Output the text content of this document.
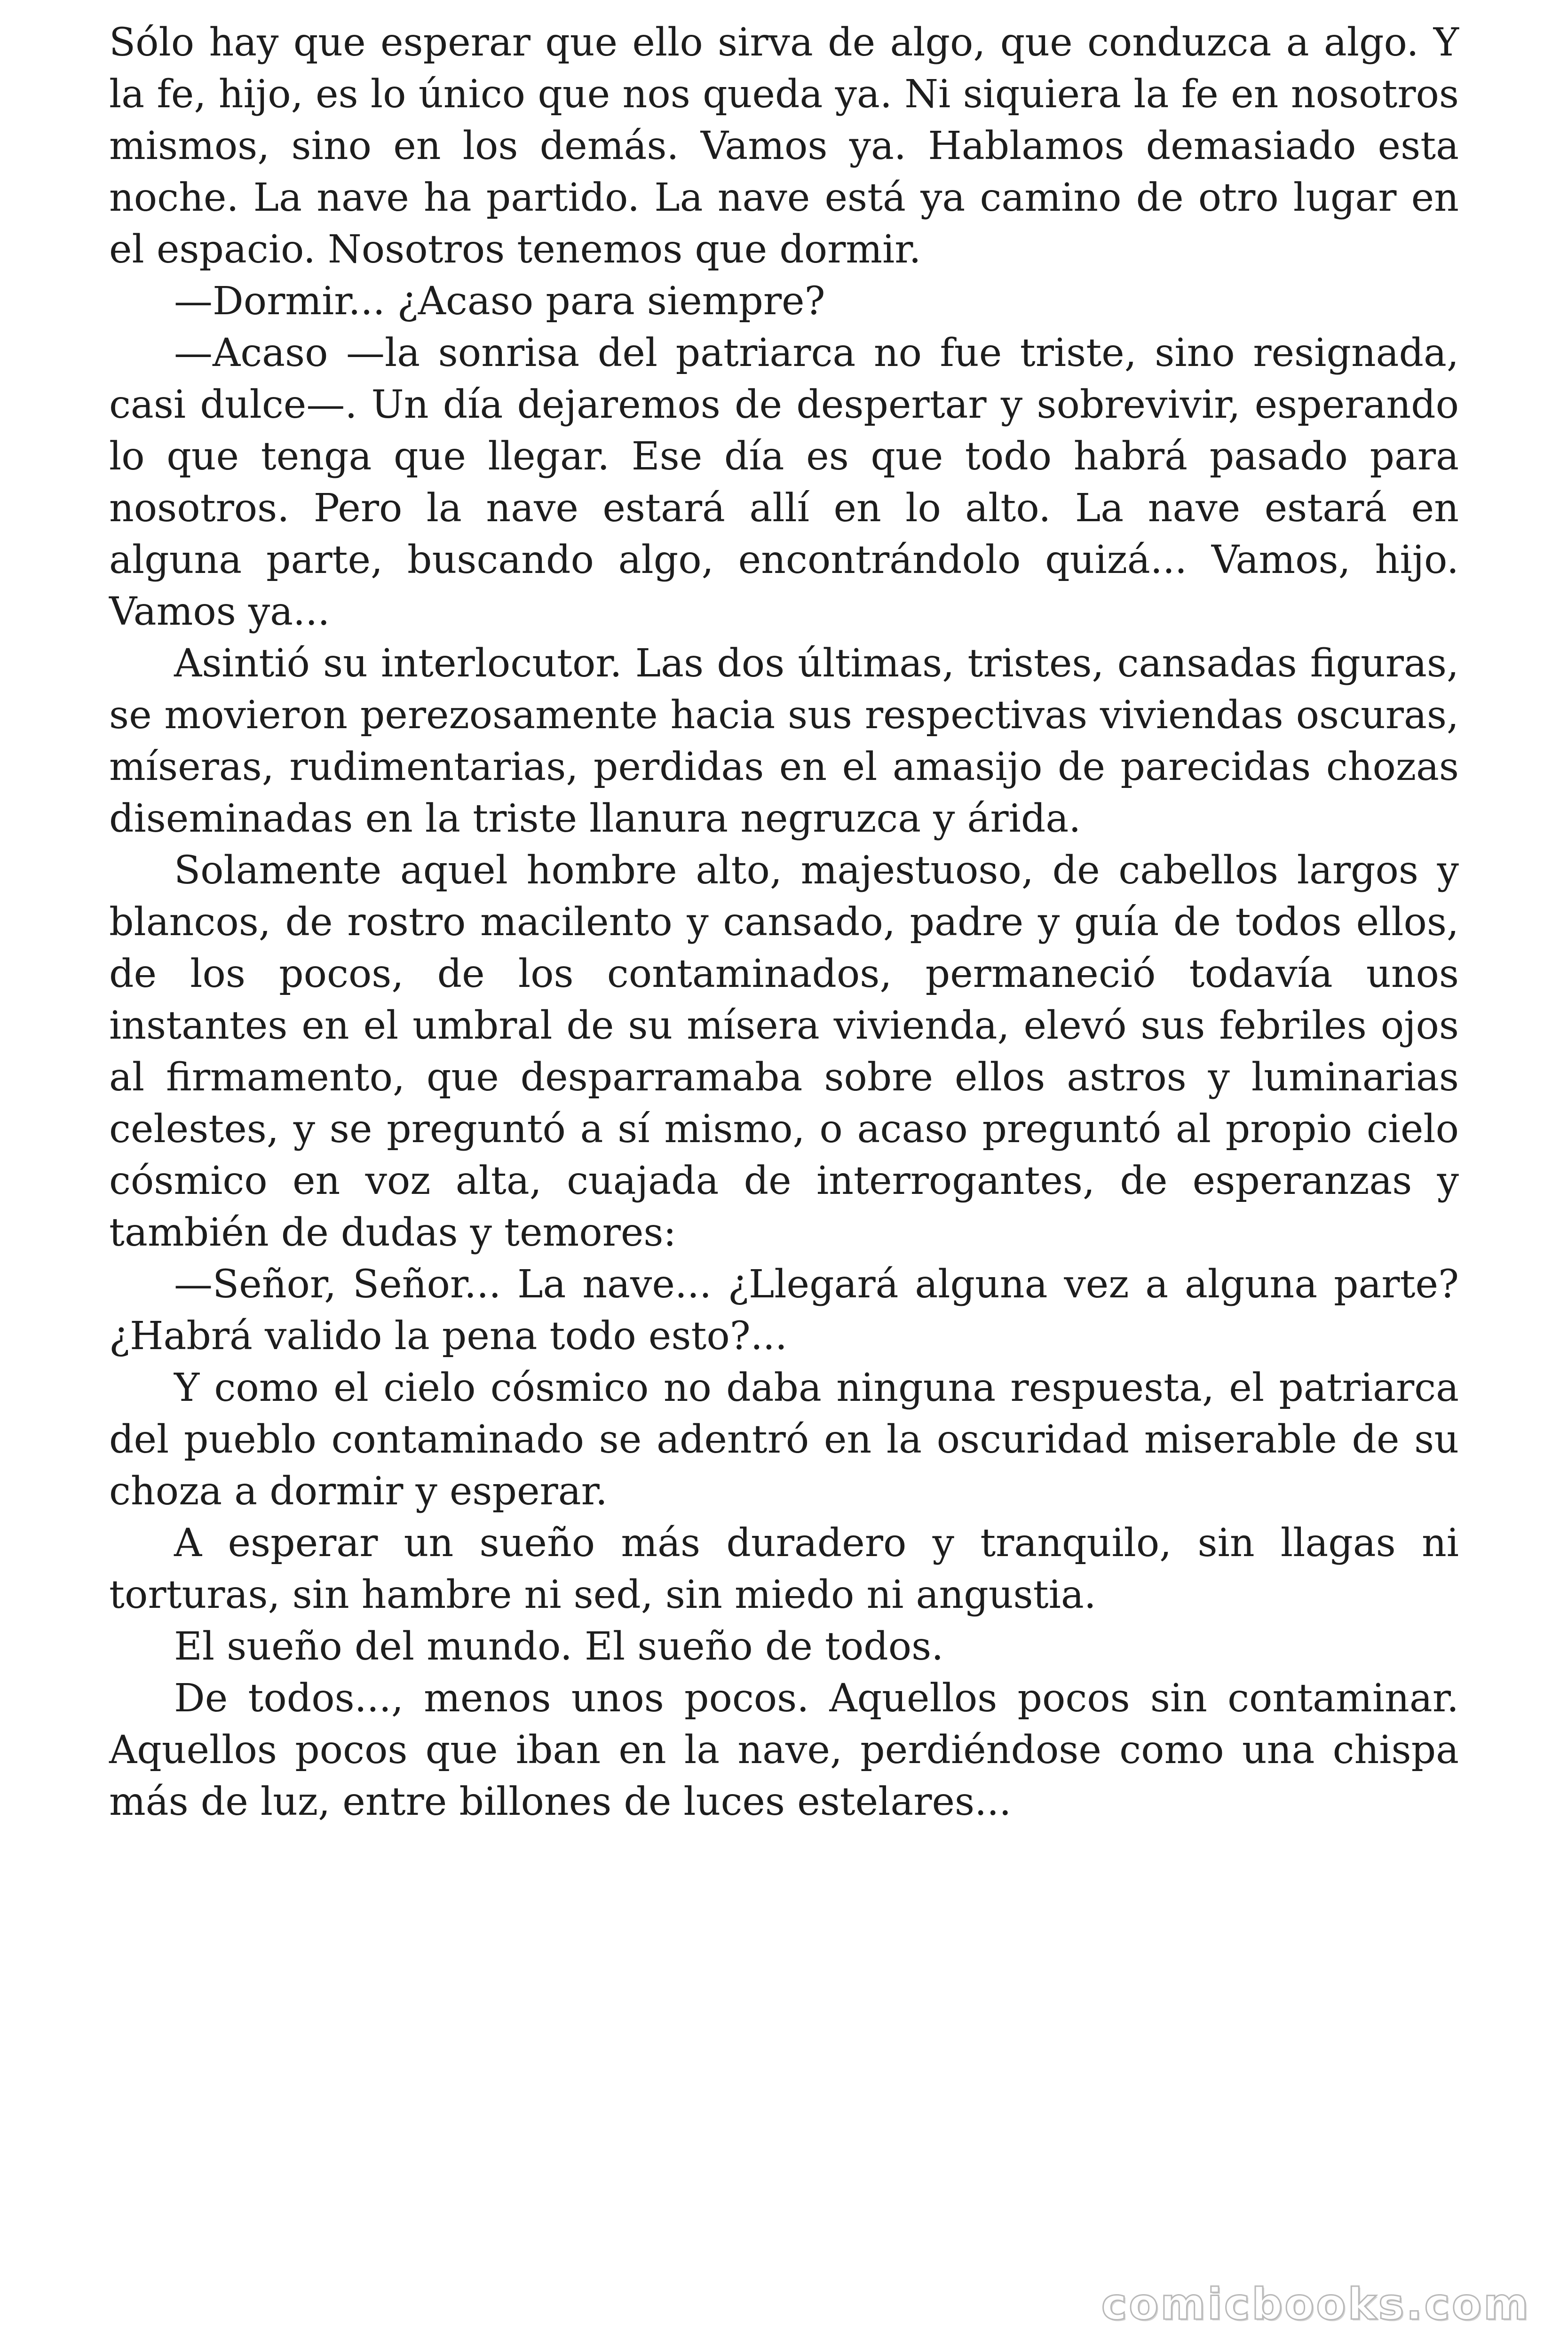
Sólo hay que esperar que ello sirva de algo, que conduzca a algo. Y la fe, hijo, es lo único que nos queda ya. Ni siquiera la fe en nosotros mismos, sino en los demás. Vamos ya. Hablamos demasiado esta noche. La nave ha partido. La nave está ya camino de otro lugar en el espacio. Nosotros tenemos que dormir.

—Dormir... ¿Acaso para siempre?

—Acaso —la sonrisa del patriarca no fue triste, sino resignada, casi dulce—. Un día dejaremos de despertar y sobrevivir, esperando lo que tenga que llegar. Ese día es que todo habrá pasado para nosotros. Pero la nave estará allí en lo alto. La nave estará en alguna parte, buscando algo, encontrándolo quizá... Vamos, hijo. Vamos ya...

Asintió su interlocutor. Las dos últimas, tristes, cansadas figuras, se movieron perezosamente hacia sus respectivas viviendas oscuras, míseras, rudimentarias, perdidas en el amasijo de parecidas chozas diseminadas en la triste llanura negruzca y árida.

Solamente aquel hombre alto, majestuoso, de cabellos largos y blancos, de rostro macilento y cansado, padre y guía de todos ellos, de los pocos, de los contaminados, permaneció todavía unos instantes en el umbral de su mísera vivienda, elevó sus febriles ojos al firmamento, que desparramaba sobre ellos astros y luminarias celestes, y se preguntó a sí mismo, o acaso preguntó al propio cielo cósmico en voz alta, cuajada de interrogantes, de esperanzas y también de dudas y temores:

—Señor, Señor... La nave... ¿Llegará alguna vez a alguna parte? ¿Habrá valido la pena todo esto?...

Y como el cielo cósmico no daba ninguna respuesta, el patriarca del pueblo contaminado se adentró en la oscuridad miserable de su choza a dormir y esperar.

A esperar un sueño más duradero y tranquilo, sin llagas ni torturas, sin hambre ni sed, sin miedo ni angustia.

El sueño del mundo. El sueño de todos.

De todos..., menos unos pocos. Aquellos pocos sin contaminar. Aquellos pocos que iban en la nave, perdiéndose como una chispa más de luz, entre billones de luces estelares...

comicbooks.com
